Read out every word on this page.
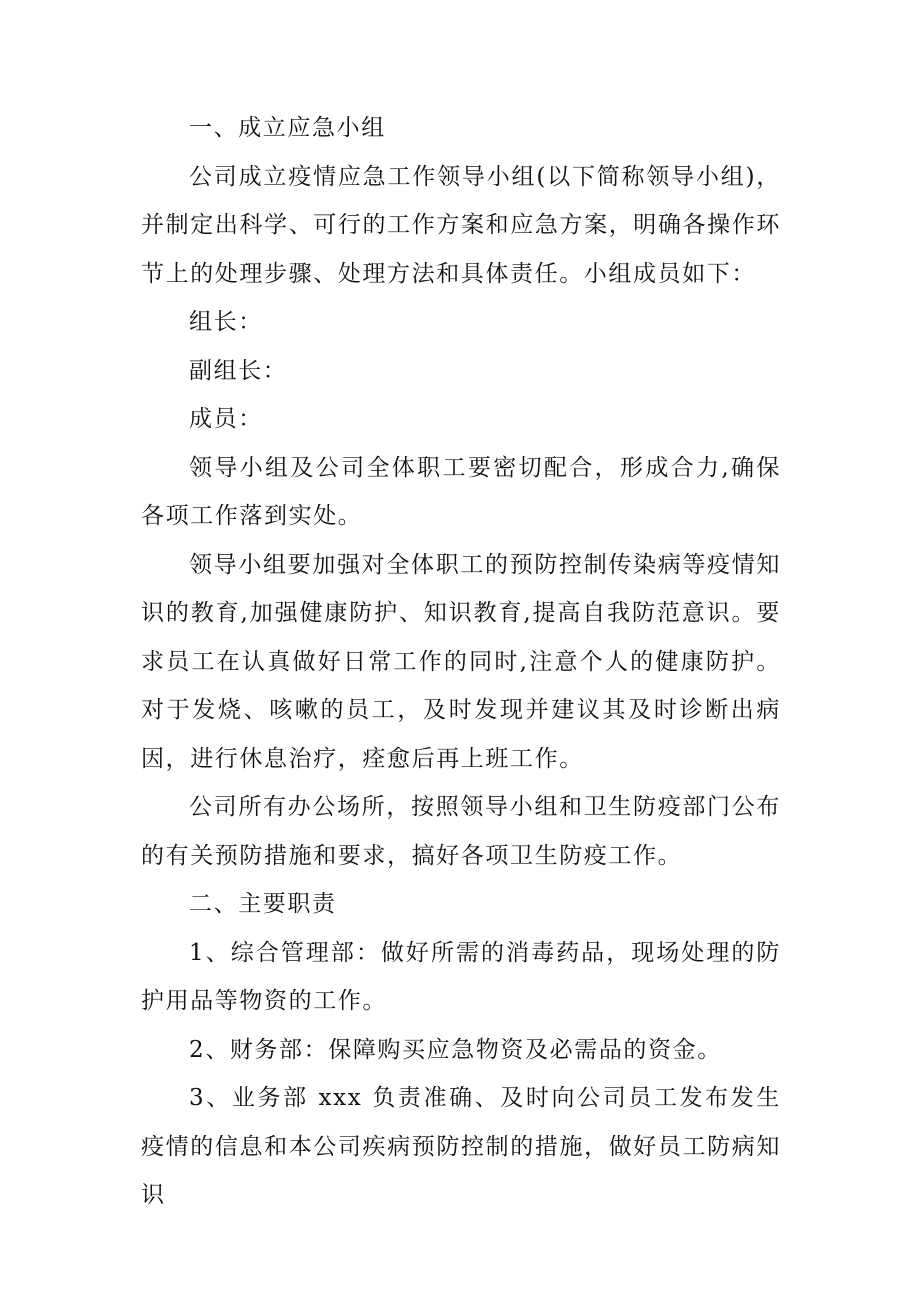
一、成立应急小组

公司成立疫情应急工作领导小组(以下简称领导小组)，并制定出科学、可行的工作方案和应急方案，明确各操作环节上的处理步骤、处理方法和具体责任。小组成员如下：

组长：

副组长：

成员：

领导小组及公司全体职工要密切配合，形成合力,确保各项工作落到实处。

领导小组要加强对全体职工的预防控制传染病等疫情知识的教育,加强健康防护、知识教育,提高自我防范意识。要求员工在认真做好日常工作的同时,注意个人的健康防护。对于发烧、咳嗽的员工，及时发现并建议其及时诊断出病因，进行休息治疗，痊愈后再上班工作。

公司所有办公场所，按照领导小组和卫生防疫部门公布的有关预防措施和要求，搞好各项卫生防疫工作。

二、主要职责

1、综合管理部：做好所需的消毒药品，现场处理的防护用品等物资的工作。

2、财务部：保障购买应急物资及必需品的资金。

3、业务部 xxx 负责准确、及时向公司员工发布发生疫情的信息和本公司疾病预防控制的措施，做好员工防病知识
